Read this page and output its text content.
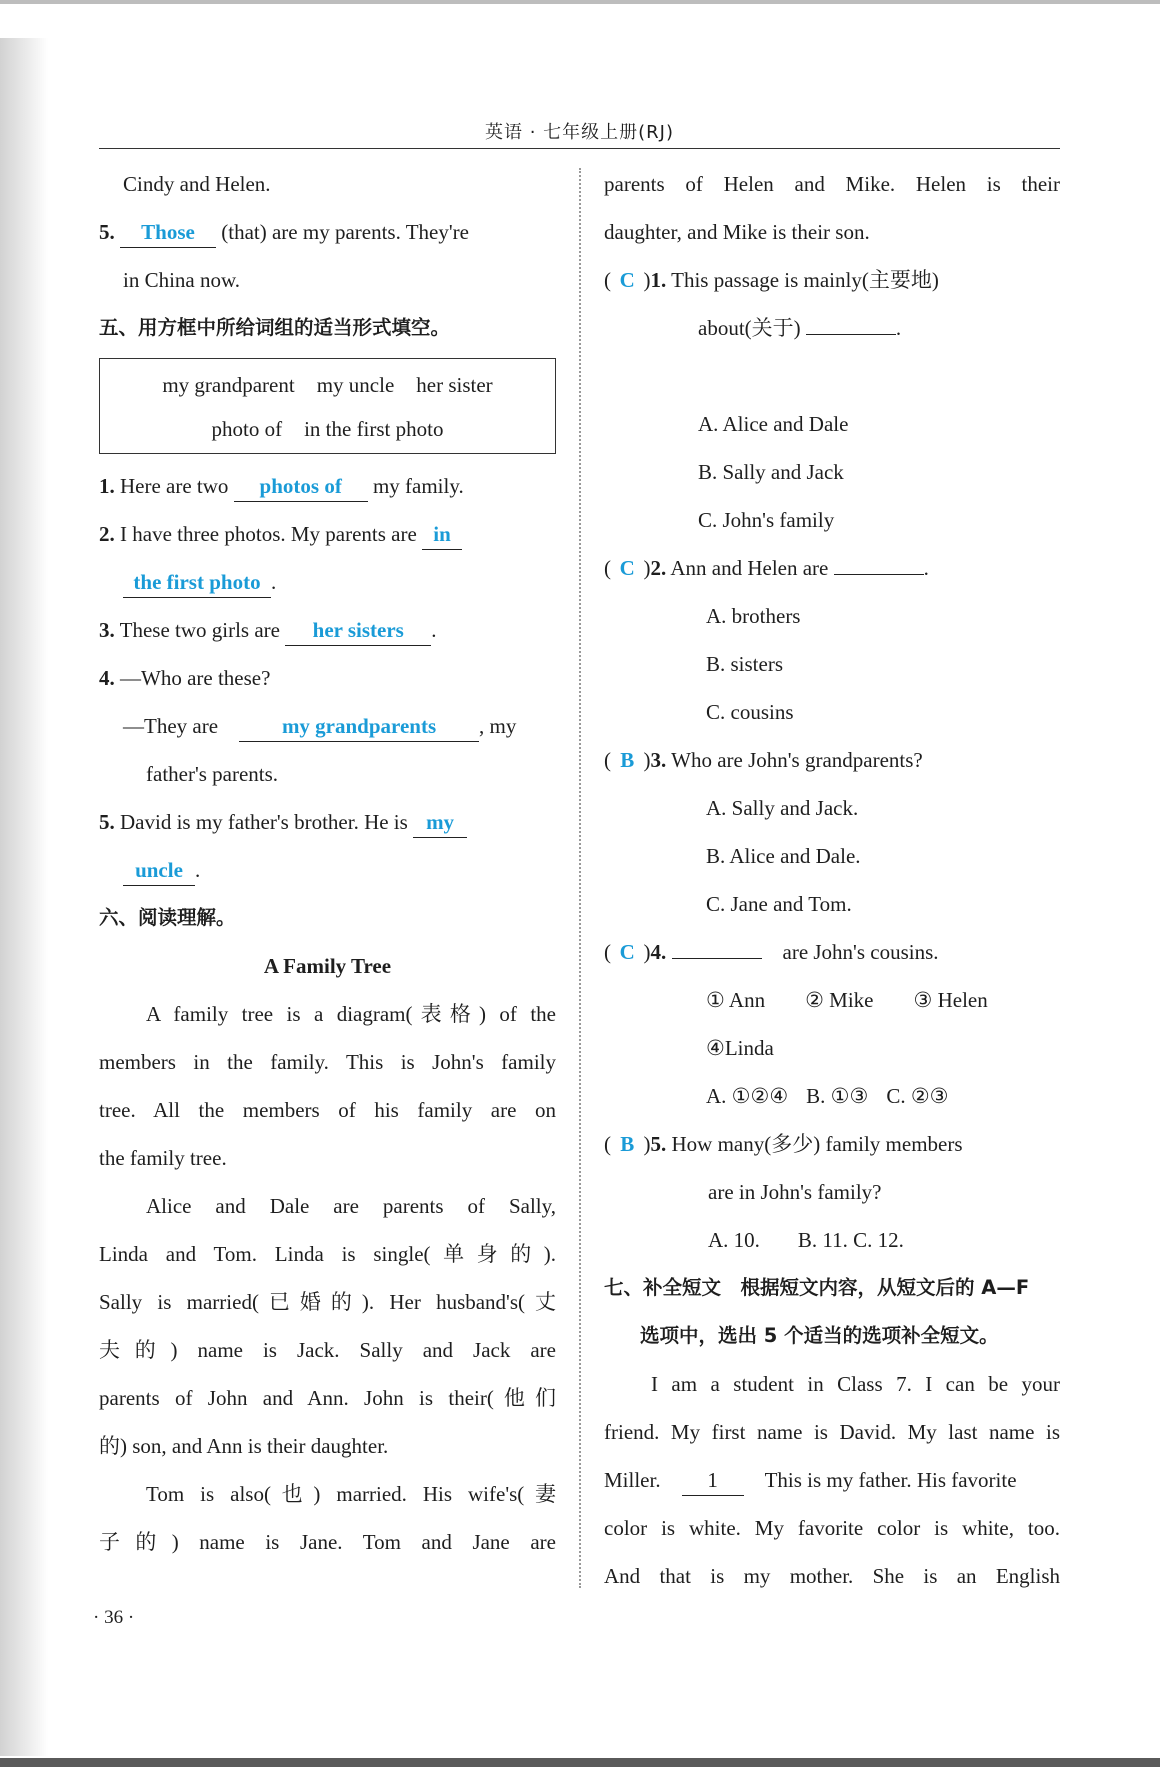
英语 · 七年级上册(RJ)
Cindy and Helen.
5. Those (that) are my parents. They're
in China now.
五、用方框中所给词组的适当形式填空。
my grandparent my uncle her sister
photo of in the first photo
1. Here are two photos of my family.
2. I have three photos. My parents are in
the first photo .
3. These two girls are her sisters .
4. —Who are these?
—They are　	my grandparents , my
father's parents.
5. David is my father's brother. He is my
uncle .
六、阅读理解。
A Family Tree
A family tree is a diagram(表格) of the
members in the family. This is John's family
tree. All the members of his family are on
the family tree.
Alice and Dale are parents of Sally,
Linda and Tom. Linda is single(单身的).
Sally is married(已婚的). Her husband's(丈
夫的) name is Jack. Sally and Jack are
parents of John and Ann. John is their(他们
的) son, and Ann is their daughter.
Tom is also(也) married. His wife's(妻
子的) name is Jane. Tom and Jane are
parents of Helen and Mike. Helen is their
daughter, and Mike is their son.
( C )1. This passage is mainly(主要地)
about(关于)	.
A. Alice and Dale
B. Sally and Jack
C. John's family
( C )2. Ann and Helen are	.
A. brothers
B. sisters
C. cousins
( B )3. Who are John's grandparents?
A. Sally and Jack.
B. Alice and Dale.
C. Jane and Tom.
( C )4. 　	are John's cousins.
① Ann ② Mike ③ Helen
④Linda
A. ①②④ B. ①③ C. ②③
( B )5. How many(多少) family members
are in John's family?
A. 10. B. 11. C. 12.
七、补全短文　根据短文内容，从短文后的 A—F
选项中，选出 5 个适当的选项补全短文。
I am a student in Class 7. I can be your
friend. My first name is David. My last name is
Miller.　 1　 This is my father. His favorite
color is white. My favorite color is white, too.
And that is my mother. She is an English
· 36 ·
